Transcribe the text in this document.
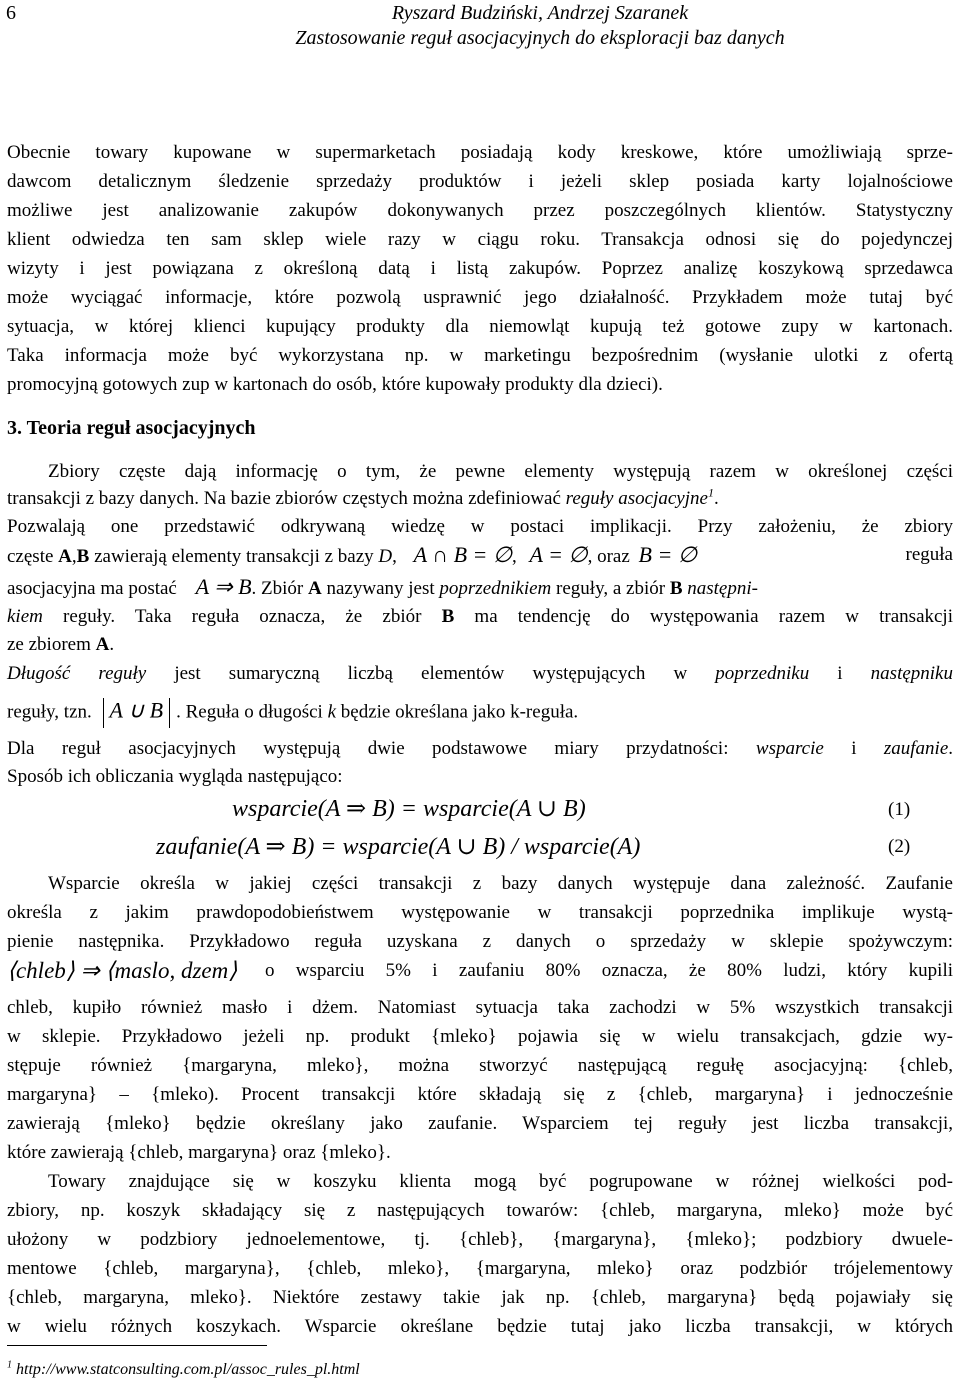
6	Ryszard Budziński, Andrzej Szaranek
Zastosowanie reguł asocjacyjnych do eksploracji baz danych
Obecnie towary kupowane w supermarketach posiadają kody kreskowe, które umożliwiają sprze-
dawcom detalicznym śledzenie sprzedaży produktów i jeżeli sklep posiada karty lojalnościowe
możliwe jest analizowanie zakupów dokonywanych przez poszczególnych klientów. Statystyczny
klient odwiedza ten sam sklep wiele razy w ciągu roku. Transakcja odnosi się do pojedynczej
wizyty i jest powiązana z określoną datą i listą zakupów. Poprzez analizę koszykową sprzedawca
może wyciągać informacje, które pozwolą usprawnić jego działalność. Przykładem może tutaj być
sytuacja, w której klienci kupujący produkty dla niemowląt kupują też gotowe zupy w kartonach.
Taka informacja może być wykorzystana np. w marketingu bezpośrednim (wysłanie ulotki z ofertą
promocyjną gotowych zup w kartonach do osób, które kupowały produkty dla dzieci).
3. Teoria reguł asocjacyjnych
Zbiory częste dają informację o tym, że pewne elementy występują razem w określonej części
transakcji z bazy danych. Na bazie zbiorów częstych można zdefiniować reguły asocjacyjne$^1$.
Pozwalają one przedstawić odkrywaną wiedzę w postaci implikacji. Przy założeniu, że zbiory
częste A,B zawierają elementy transakcji z bazy D, A ∩ B = ∅, A = ∅, oraz B = ∅	reguła
asocjacyjna ma postać A ⇒ B. Zbiór A nazywany jest poprzednikiem reguły, a zbiór B następni-
kiem reguły. Taka reguła oznacza, że zbiór B ma tendencję do występowania razem w transakcji
ze zbiorem A.
Długość reguły jest sumaryczną liczbą elementów występujących w poprzedniku i następniku
reguły, tzn. A ∪ B . Reguła o długości k będzie określana jako k-reguła.
Dla reguł asocjacyjnych występują dwie podstawowe miary przydatności: wsparcie i zaufanie.
Sposób ich obliczania wygląda następująco:
wsparcie(A ⇒ B) = wsparcie(A ∪ B)	(1)
zaufanie(A ⇒ B) = wsparcie(A ∪ B) / wsparcie(A)	(2)
Wsparcie określa w jakiej części transakcji z bazy danych występuje dana zależność. Zaufanie
określa z jakim prawdopodobieństwem występowanie w transakcji poprzednika implikuje wystą-
pienie następnika. Przykładowo reguła uzyskana z danych o sprzedaży w sklepie spożywczym:
⟨chleb⟩ ⇒ ⟨maslo, dzem⟩ o wsparciu 5% i zaufaniu 80% oznacza, że 80% ludzi, który kupili
chleb, kupiło również masło i dżem. Natomiast sytuacja taka zachodzi w 5% wszystkich transakcji
w sklepie. Przykładowo jeżeli np. produkt {mleko} pojawia się w wielu transakcjach, gdzie wy-
stępuje również {margaryna, mleko}, można stworzyć następującą regułę asocjacyjną: {chleb,
margaryna} – {mleko). Procent transakcji które składają się z {chleb, margaryna} i jednocześnie
zawierają {mleko} będzie określany jako zaufanie. Wsparciem tej reguły jest liczba transakcji,
które zawierają {chleb, margaryna} oraz {mleko}.
Towary znajdujące się w koszyku klienta mogą być pogrupowane w różnej wielkości pod-
zbiory, np. koszyk składający się z następujących towarów: {chleb, margaryna, mleko} może być
ułożony w podzbiory jednoelementowe, tj. {chleb}, {margaryna}, {mleko}; podzbiory dwuele-
mentowe {chleb, margaryna}, {chleb, mleko}, {margaryna, mleko} oraz podzbiór trójelementowy
{chleb, margaryna, mleko}. Niektóre zestawy takie jak np. {chleb, margaryna} będą pojawiały się
w wielu różnych koszykach. Wsparcie określane będzie tutaj jako liczba transakcji, w których
$^1$ http://www.statconsulting.com.pl/assoc_rules_pl.html
